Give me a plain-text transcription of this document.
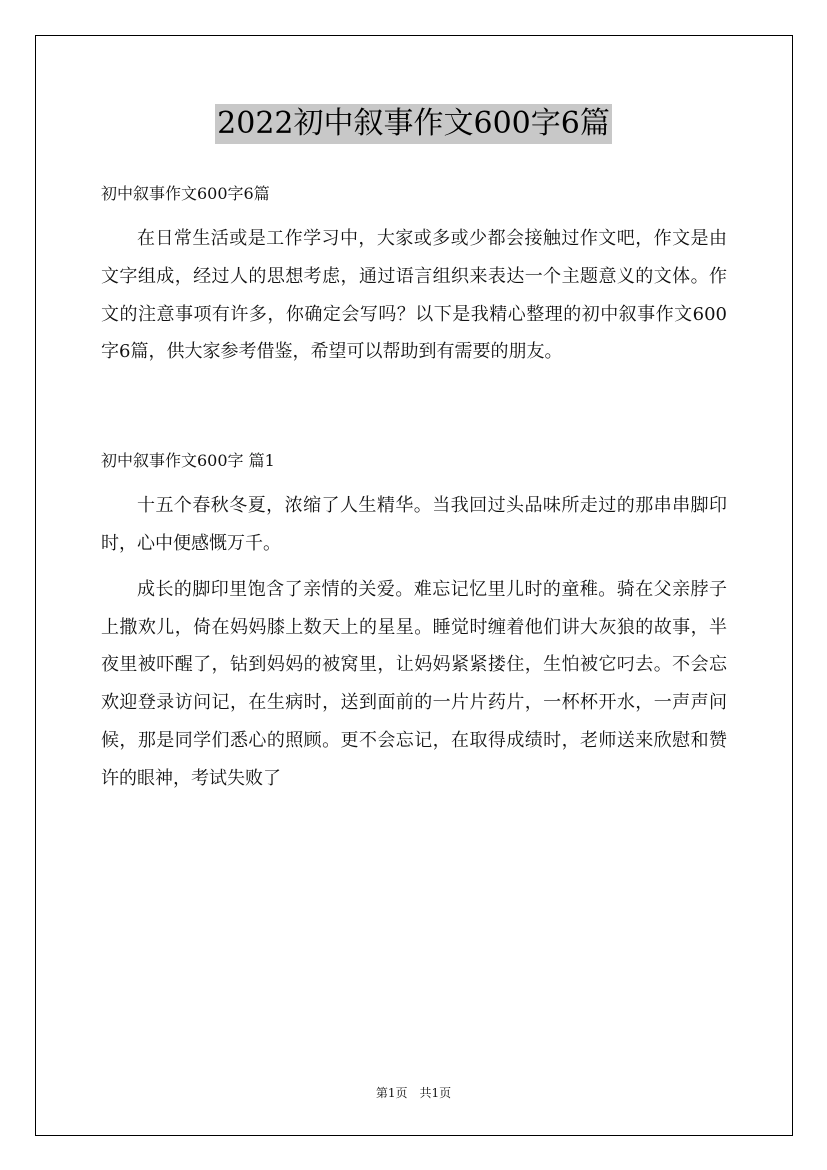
2022初中叙事作文600字6篇

初中叙事作文600字6篇

在日常生活或是工作学习中，大家或多或少都会接触过作文吧，作文是由文字组成，经过人的思想考虑，通过语言组织来表达一个主题意义的文体。作文的注意事项有许多，你确定会写吗？以下是我精心整理的初中叙事作文600字6篇，供大家参考借鉴，希望可以帮助到有需要的朋友。

初中叙事作文600字 篇1

十五个春秋冬夏，浓缩了人生精华。当我回过头品味所走过的那串串脚印时，心中便感慨万千。

成长的脚印里饱含了亲情的关爱。难忘记忆里儿时的童稚。骑在父亲脖子上撒欢儿，倚在妈妈膝上数天上的星星。睡觉时缠着他们讲大灰狼的故事，半夜里被吓醒了，钻到妈妈的被窝里，让妈妈紧紧搂住，生怕被它叼去。不会忘欢迎登录访问记，在生病时，送到面前的一片片药片，一杯杯开水，一声声问候，那是同学们悉心的照顾。更不会忘记，在取得成绩时，老师送来欣慰和赞许的眼神，考试失败了

第1页　共1页
